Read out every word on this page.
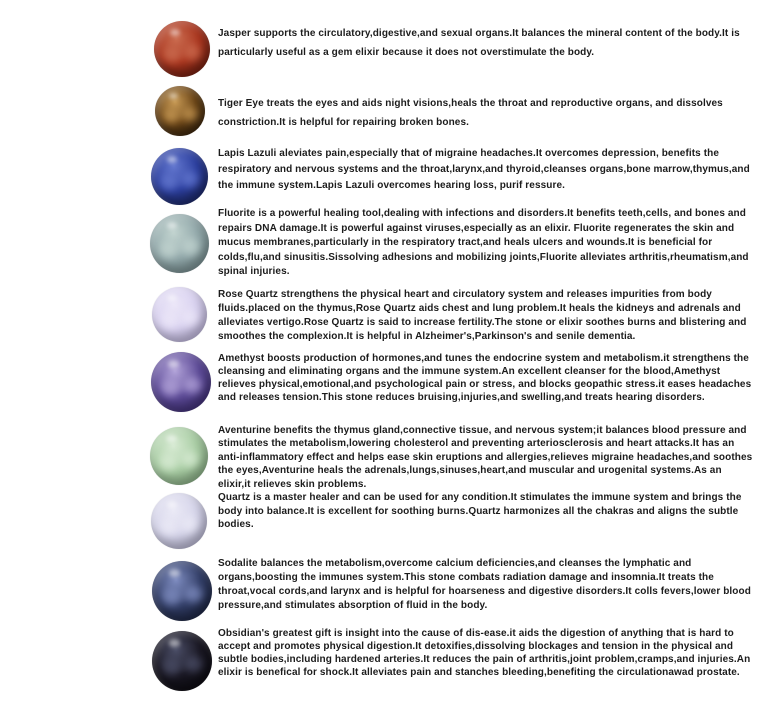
Jasper supports the circulatory,digestive,and sexual organs.It balances the mineral content of the body.It is particularly useful as a gem elixir because it does not overstimulate the body.

Tiger Eye treats the eyes and aids night visions,heals the throat and reproductive organs, and dissolves constriction.It is helpful for repairing broken bones.

Lapis Lazuli aleviates pain,especially that of migraine headaches.It overcomes depression, benefits the respiratory and nervous systems and the throat,larynx,and thyroid,cleanses organs,bone marrow,thymus,and the immune system.Lapis Lazuli overcomes hearing loss, purif ressure.

Fluorite is a powerful healing tool,dealing with infections and disorders.It benefits teeth,cells, and bones and repairs DNA damage.It is powerful against viruses,especially as an elixir. Fluorite regenerates the skin and mucus membranes,particularly in the respiratory tract,and heals ulcers and wounds.It is beneficial for colds,flu,and sinusitis.Sissolving adhesions and mobilizing joints,Fluorite alleviates arthritis,rheumatism,and spinal injuries.

Rose Quartz strengthens the physical heart and circulatory system and releases impurities from body fluids.placed on the thymus,Rose Quartz aids chest and lung problem.It heals the kidneys and adrenals and alleviates vertigo.Rose Quartz is said to increase fertility.The stone or elixir soothes burns and blistering and smoothes the complexion.It is helpful in Alzheimer's,Parkinson's and senile dementia.

Amethyst boosts production of hormones,and tunes the endocrine system and metabolism.it strengthens the cleansing and eliminating organs and the immune system.An excellent cleanser for the blood,Amethyst relieves physical,emotional,and psychological pain or stress, and blocks geopathic stress.it eases headaches and releases tension.This stone reduces bruising,injuries,and swelling,and treats hearing disorders.

Aventurine benefits the thymus gland,connective tissue, and nervous system;it balances blood pressure and stimulates the metabolism,lowering cholesterol and preventing arteriosclerosis and heart attacks.It has an anti-inflammatory effect and helps ease skin eruptions and allergies,relieves migraine headaches,and soothes the eyes,Aventurine heals the adrenals,lungs,sinuses,heart,and muscular and urogenital systems.As an elixir,it relieves skin problems.

Quartz is a master healer and can be used for any condition.It stimulates the immune system and brings the body into balance.It is excellent for soothing burns.Quartz harmonizes all the chakras and aligns the subtle bodies.

Sodalite balances the metabolism,overcome calcium deficiencies,and cleanses the lymphatic and organs,boosting the immunes system.This stone combats radiation damage and insomnia.It treats the throat,vocal cords,and larynx and is helpful for hoarseness and digestive disorders.It colls fevers,lower blood pressure,and stimulates absorption of fluid in the body.

Obsidian's greatest gift is insight into the cause of dis-ease.it aids the digestion of anything that is hard to accept and promotes physical digestion.It detoxifies,dissolving blockages and tension in the physical and subtle bodies,including hardened arteries.It reduces the pain of arthritis,joint problem,cramps,and injuries.An elixir is benefical for shock.It alleviates pain and stanches bleeding,benefiting the circulationawad prostate.
